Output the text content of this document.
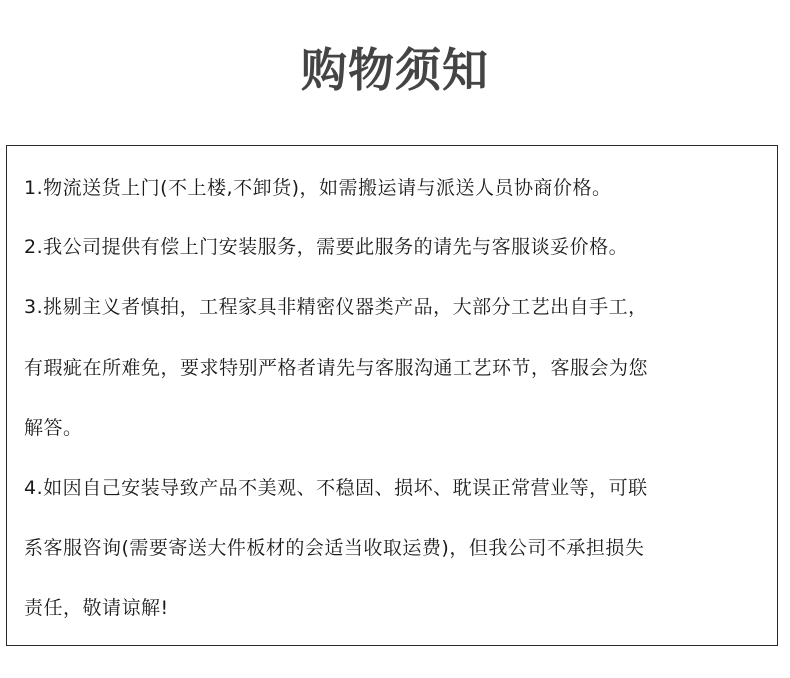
购物须知
1.物流送货上门(不上楼,不卸货)，如需搬运请与派送人员协商价格。
2.我公司提供有偿上门安装服务，需要此服务的请先与客服谈妥价格。
3.挑剔主义者慎拍，工程家具非精密仪器类产品，大部分工艺出自手工，
有瑕疵在所难免，要求特别严格者请先与客服沟通工艺环节，客服会为您
解答。
4.如因自己安装导致产品不美观、不稳固、损坏、耽误正常营业等，可联
系客服咨询(需要寄送大件板材的会适当收取运费)，但我公司不承担损失
责任，敬请谅解!
